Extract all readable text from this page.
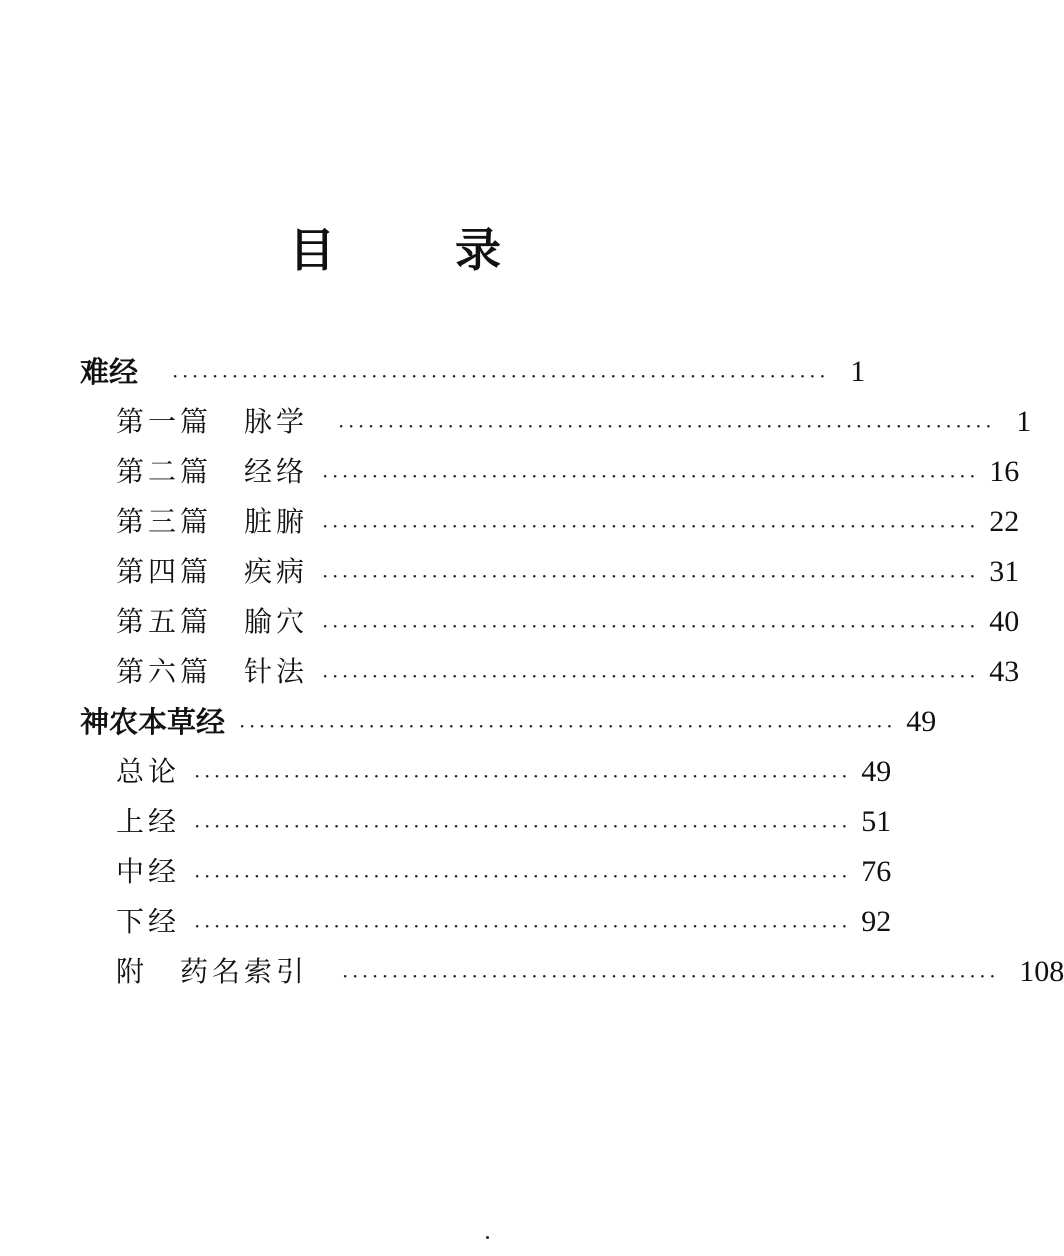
目 录
难经 ·································································· 1
第一篇　脉学 ·································································· 1
第二篇　经络 ·································································· 16
第三篇　脏腑 ·································································· 22
第四篇　疾病 ·································································· 31
第五篇　腧穴 ·································································· 40
第六篇　针法 ·································································· 43
神农本草经 ·································································· 49
总论 ·································································· 49
上经 ·································································· 51
中经 ·································································· 76
下经 ·································································· 92
附　药名索引 ·································································· 108
